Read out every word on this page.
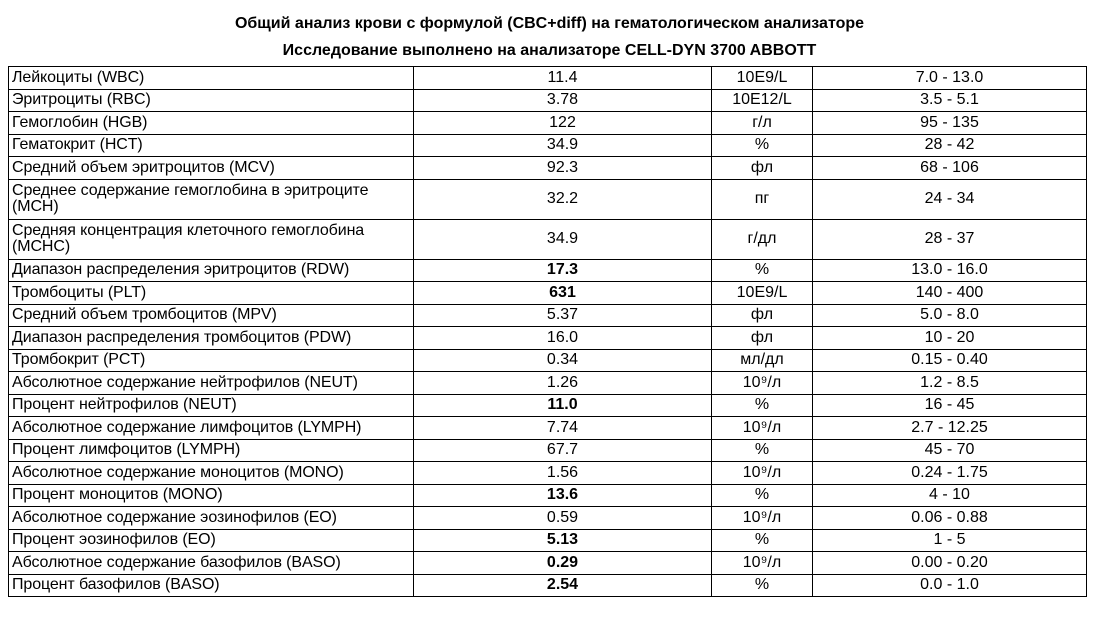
Общий анализ крови с формулой (CBC+diff) на гематологическом анализаторе
Исследование выполнено на анализаторе CELL-DYN 3700 ABBOTT
Лейкоциты (WBC)	11.4	10E9/L	7.0 - 13.0
Эритроциты (RBC)	3.78	10E12/L	3.5 - 5.1
Гемоглобин (HGB)	122	г/л	95 - 135
Гематокрит (HCT)	34.9	%	28 - 42
Средний объем эритроцитов (MCV)	92.3	фл	68 - 106
Среднее содержание гемоглобина в эритроците (MCH)	32.2	пг	24 - 34
Средняя концентрация клеточного гемоглобина (MCHC)	34.9	г/дл	28 - 37
Диапазон распределения эритроцитов (RDW)	17.3	%	13.0 - 16.0
Тромбоциты (PLT)	631	10E9/L	140 - 400
Средний объем тромбоцитов (MPV)	5.37	фл	5.0 - 8.0
Диапазон распределения тромбоцитов (PDW)	16.0	фл	10 - 20
Тромбокрит (PCT)	0.34	мл/дл	0.15 - 0.40
Абсолютное содержание нейтрофилов (NEUT)	1.26	10⁹/л	1.2 - 8.5
Процент нейтрофилов (NEUT)	11.0	%	16 - 45
Абсолютное содержание лимфоцитов (LYMPH)	7.74	10⁹/л	2.7 - 12.25
Процент лимфоцитов (LYMPH)	67.7	%	45 - 70
Абсолютное содержание моноцитов (MONO)	1.56	10⁹/л	0.24 - 1.75
Процент моноцитов (MONO)	13.6	%	4 - 10
Абсолютное содержание эозинофилов (EO)	0.59	10⁹/л	0.06 - 0.88
Процент эозинофилов (EO)	5.13	%	1 - 5
Абсолютное содержание базофилов (BASO)	0.29	10⁹/л	0.00 - 0.20
Процент базофилов (BASO)	2.54	%	0.0 - 1.0
